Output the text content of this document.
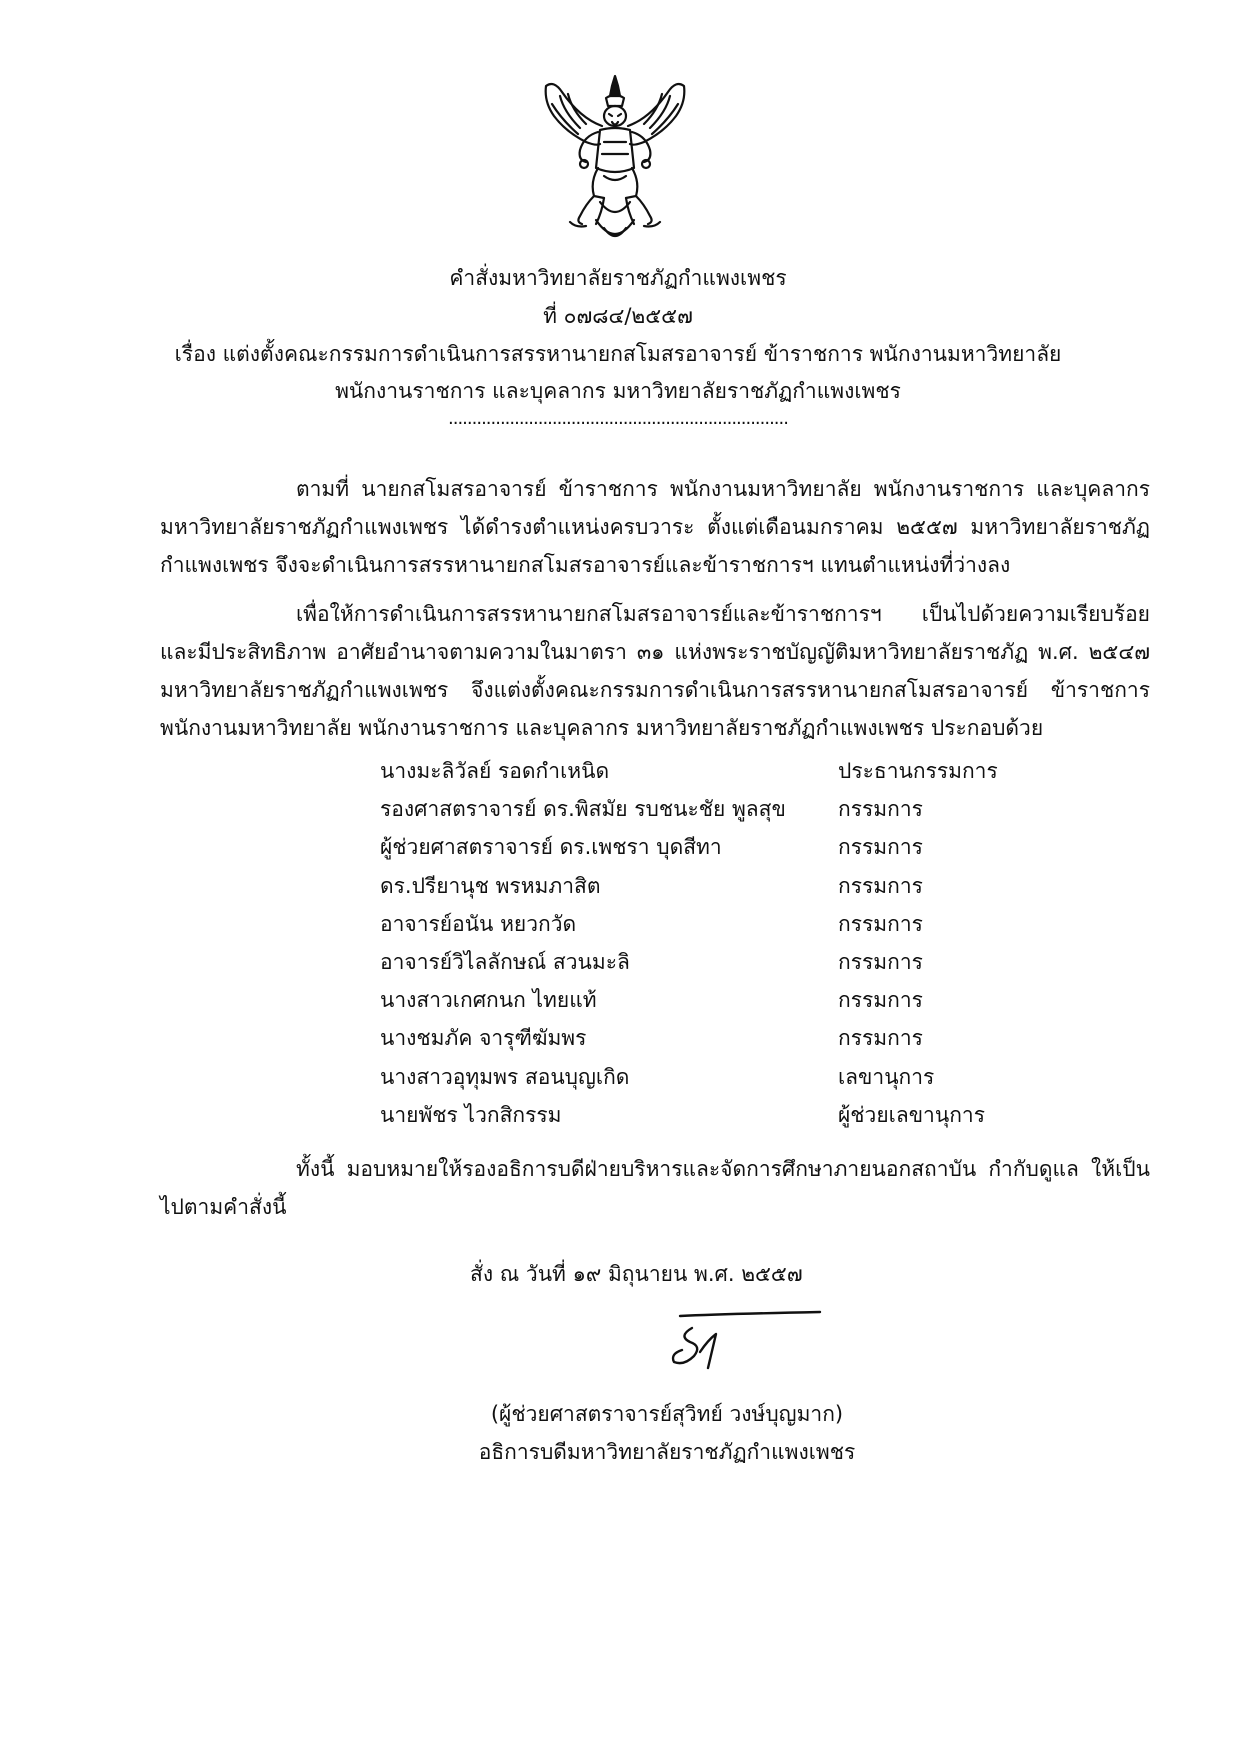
คำสั่งมหาวิทยาลัยราชภัฏกำแพงเพชร
ที่ ๐๗๘๔/๒๕๕๗
เรื่อง แต่งตั้งคณะกรรมการดำเนินการสรรหานายกสโมสรอาจารย์ ข้าราชการ พนักงานมหาวิทยาลัย
พนักงานราชการ และบุคลากร มหาวิทยาลัยราชภัฏกำแพงเพชร
........................................................................
ตามที่ นายกสโมสรอาจารย์ ข้าราชการ พนักงานมหาวิทยาลัย พนักงานราชการ และบุคลากร มหาวิทยาลัยราชภัฏกำแพงเพชร ได้ดำรงตำแหน่งครบวาระ ตั้งแต่เดือนมกราคม ๒๕๕๗ มหาวิทยาลัยราชภัฏกำแพงเพชร จึงจะดำเนินการสรรหานายกสโมสรอาจารย์และข้าราชการฯ แทนตำแหน่งที่ว่างลง
เพื่อให้การดำเนินการสรรหานายกสโมสรอาจารย์และข้าราชการฯ เป็นไปด้วยความเรียบร้อย และมีประสิทธิภาพ อาศัยอำนาจตามความในมาตรา ๓๑ แห่งพระราชบัญญัติมหาวิทยาลัยราชภัฏ พ.ศ. ๒๕๔๗ มหาวิทยาลัยราชภัฏกำแพงเพชร จึงแต่งตั้งคณะกรรมการดำเนินการสรรหานายกสโมสรอาจารย์ ข้าราชการ พนักงานมหาวิทยาลัย พนักงานราชการ และบุคลากร มหาวิทยาลัยราชภัฏกำแพงเพชร ประกอบด้วย
นางมะลิวัลย์ รอดกำเหนิด	ประธานกรรมการ
รองศาสตราจารย์ ดร.พิสมัย รบชนะชัย พูลสุข กรรมการ
ผู้ช่วยศาสตราจารย์ ดร.เพชรา บุดสีทา	กรรมการ
ดร.ปรียานุช พรหมภาสิต	กรรมการ
อาจารย์อนัน หยวกวัด	กรรมการ
อาจารย์วิไลลักษณ์ สวนมะลิ	กรรมการ
นางสาวเกศกนก ไทยแท้	กรรมการ
นางชมภัค จารุฑีฆัมพร	กรรมการ
นางสาวอุทุมพร สอนบุญเกิด	เลขานุการ
นายพัชร ไวกสิกรรม	ผู้ช่วยเลขานุการ
ทั้งนี้ มอบหมายให้รองอธิการบดีฝ่ายบริหารและจัดการศึกษาภายนอกสถาบัน กำกับดูแล ให้เป็นไปตามคำสั่งนี้
สั่ง ณ วันที่ ๑๙ มิถุนายน พ.ศ. ๒๕๕๗
(ผู้ช่วยศาสตราจารย์สุวิทย์ วงษ์บุญมาก)
อธิการบดีมหาวิทยาลัยราชภัฏกำแพงเพชร
